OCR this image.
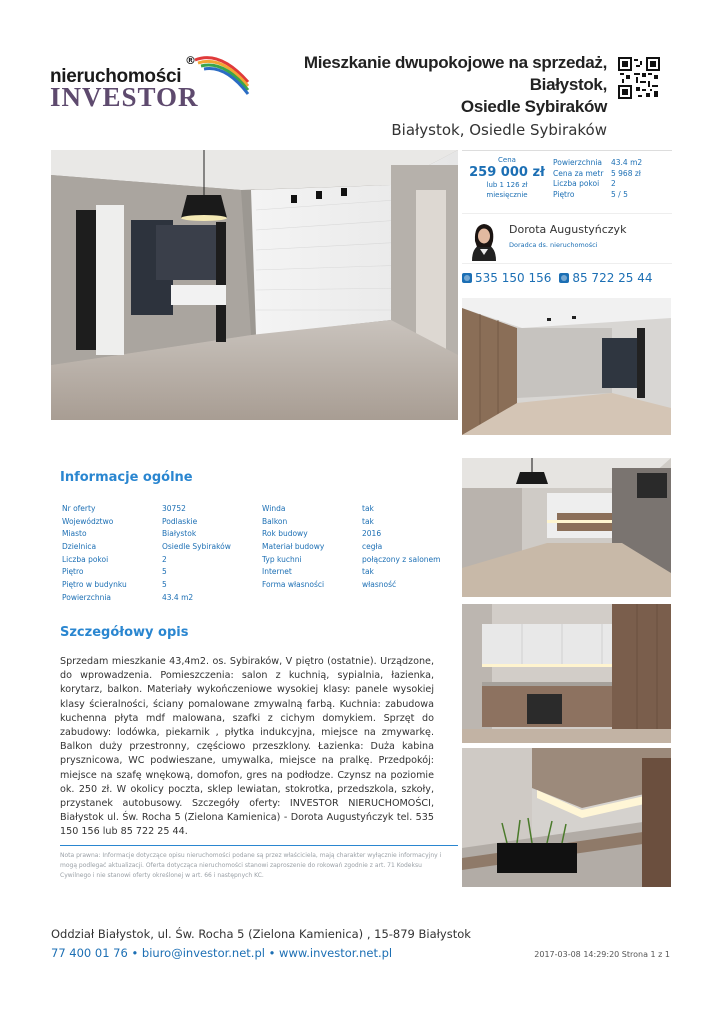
®
nieruchomości
INVESTOR
Mieszkanie dwupokojowe na sprzedaż, Białystok,
Osiedle Sybiraków
Białystok, Osiedle Sybiraków
Cena
259 000 zł
lub 1 126 zł
miesięcznie
Powierzchnia	43.4 m2
Cena za metr	5 968 zł
Liczba pokoi	2
Piętro	5 / 5
Dorota Augustyńczyk
Doradca ds. nieruchomości
535 150 156 85 722 25 44
Informacje ogólne
Nr oferty	30752	Winda	tak
Województwo	Podlaskie	Balkon	tak
Miasto	Białystok	Rok budowy	2016
Dzielnica	Osiedle Sybiraków	Materiał budowy	cegła
Liczba pokoi	2	Typ kuchni	połączony z salonem
Piętro	5	Internet	tak
Piętro w budynku	5	Forma własności	własność
Powierzchnia	43.4 m2
Szczegółowy opis
Sprzedam mieszkanie 43,4m2. os. Sybiraków, V piętro (ostatnie). Urządzone, do wprowadzenia. Pomieszczenia: salon z kuchnią, sypialnia, łazienka, korytarz, balkon. Materiały wykończeniowe wysokiej klasy: panele wysokiej klasy ścieralności, ściany pomalowane zmywalną farbą. Kuchnia: zabudowa kuchenna płyta mdf malowana, szafki z cichym domykiem. Sprzęt do zabudowy: lodówka, piekarnik , płytka indukcyjna, miejsce na zmywarkę. Balkon duży przestronny, częściowo przeszklony. Łazienka: Duża kabina prysznicowa, WC podwieszane, umywalka, miejsce na pralkę. Przedpokój: miejsce na szafę wnękową, domofon, gres na podłodze. Czynsz na poziomie ok. 250 zł. W okolicy poczta, sklep lewiatan, stokrotka, przedszkola, szkoły, przystanek autobusowy. Szczegóły oferty: INVESTOR NIERUCHOMOŚCI, Białystok ul. Św. Rocha 5 (Zielona Kamienica) - Dorota Augustyńczyk tel. 535 150 156 lub 85 722 25 44.
Nota prawna: Informacje dotyczące opisu nieruchomości podane są przez właściciela, mają charakter wyłącznie informacyjny i mogą podlegać aktualizacji. Oferta dotycząca nieruchomości stanowi zaproszenie do rokowań zgodnie z art. 71 Kodeksu Cywilnego i nie stanowi oferty określonej w art. 66 i następnych KC.
Oddział Białystok, ul. Św. Rocha 5 (Zielona Kamienica) , 15-879 Białystok
77 400 01 76 • biuro@investor.net.pl • www.investor.net.pl	2017-03-08 14:29:20 Strona 1 z 1
